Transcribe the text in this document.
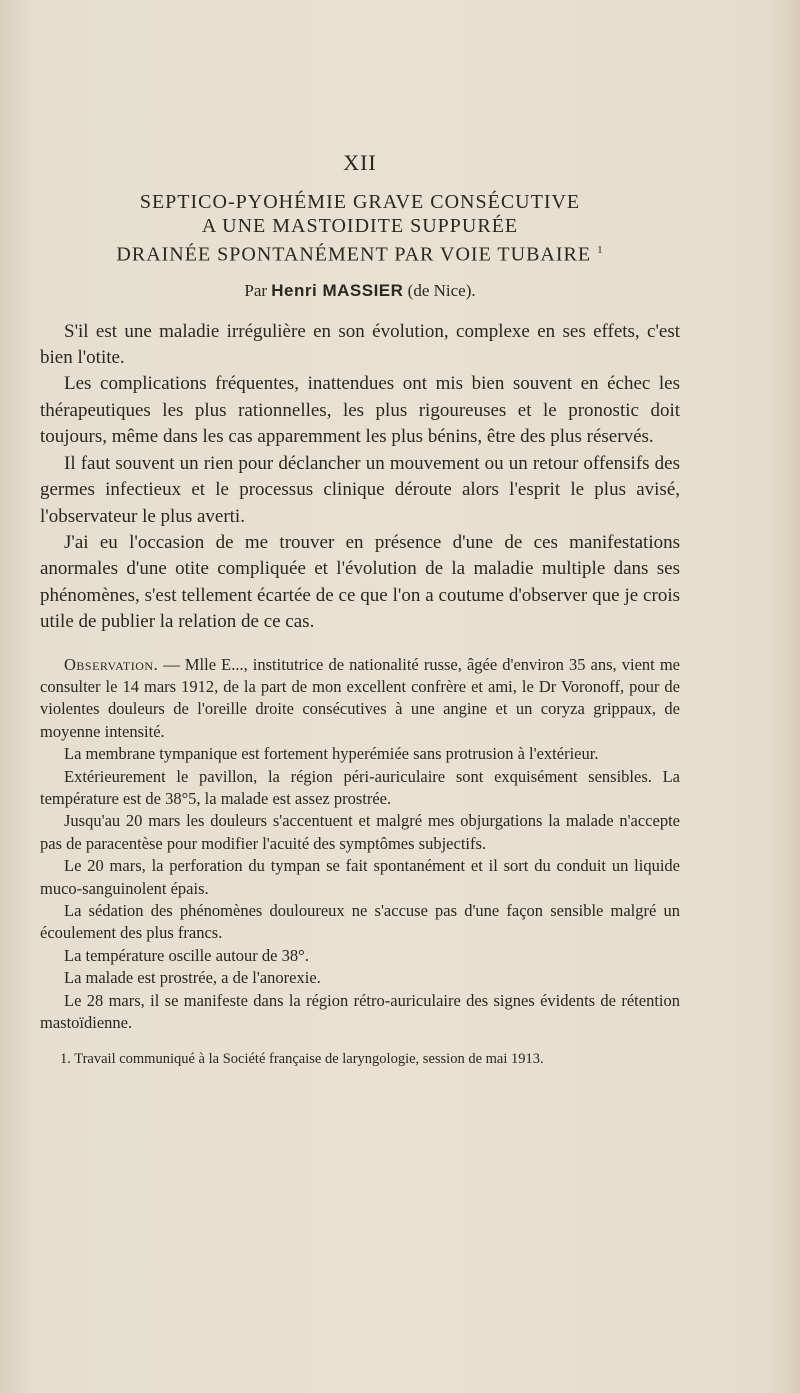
XII

SEPTICO-PYOHÉMIE GRAVE CONSÉCUTIVE

A UNE MASTOIDITE SUPPURÉE

DRAINÉE SPONTANÉMENT PAR VOIE TUBAIRE $^1$

Par Henri MASSIER (de Nice).

S'il est une maladie irrégulière en son évolution, complexe en ses effets, c'est bien l'otite.

Les complications fréquentes, inattendues ont mis bien souvent en échec les thérapeutiques les plus rationnelles, les plus rigoureuses et le pronostic doit toujours, même dans les cas apparemment les plus bénins, être des plus réservés.

Il faut souvent un rien pour déclancher un mouvement ou un retour offensifs des germes infectieux et le processus clinique déroute alors l'esprit le plus avisé, l'observateur le plus averti.

J'ai eu l'occasion de me trouver en présence d'une de ces manifestations anormales d'une otite compliquée et l'évolution de la maladie multiple dans ses phénomènes, s'est tellement écartée de ce que l'on a coutume d'observer que je crois utile de publier la relation de ce cas.

Observation. — Mlle E..., institutrice de nationalité russe, âgée d'environ 35 ans, vient me consulter le 14 mars 1912, de la part de mon excellent confrère et ami, le Dr Voronoff, pour de violentes douleurs de l'oreille droite consécutives à une angine et un coryza grippaux, de moyenne intensité.

La membrane tympanique est fortement hyperémiée sans protrusion à l'extérieur.

Extérieurement le pavillon, la région péri-auriculaire sont exquisément sensibles. La température est de 38°5, la malade est assez prostrée.

Jusqu'au 20 mars les douleurs s'accentuent et malgré mes objurgations la malade n'accepte pas de paracentèse pour modifier l'acuité des symptômes subjectifs.

Le 20 mars, la perforation du tympan se fait spontanément et il sort du conduit un liquide muco-sanguinolent épais.

La sédation des phénomènes douloureux ne s'accuse pas d'une façon sensible malgré un écoulement des plus francs.

La température oscille autour de 38°.

La malade est prostrée, a de l'anorexie.

Le 28 mars, il se manifeste dans la région rétro-auriculaire des signes évidents de rétention mastoïdienne.

1. Travail communiqué à la Société française de laryngologie, session de mai 1913.
